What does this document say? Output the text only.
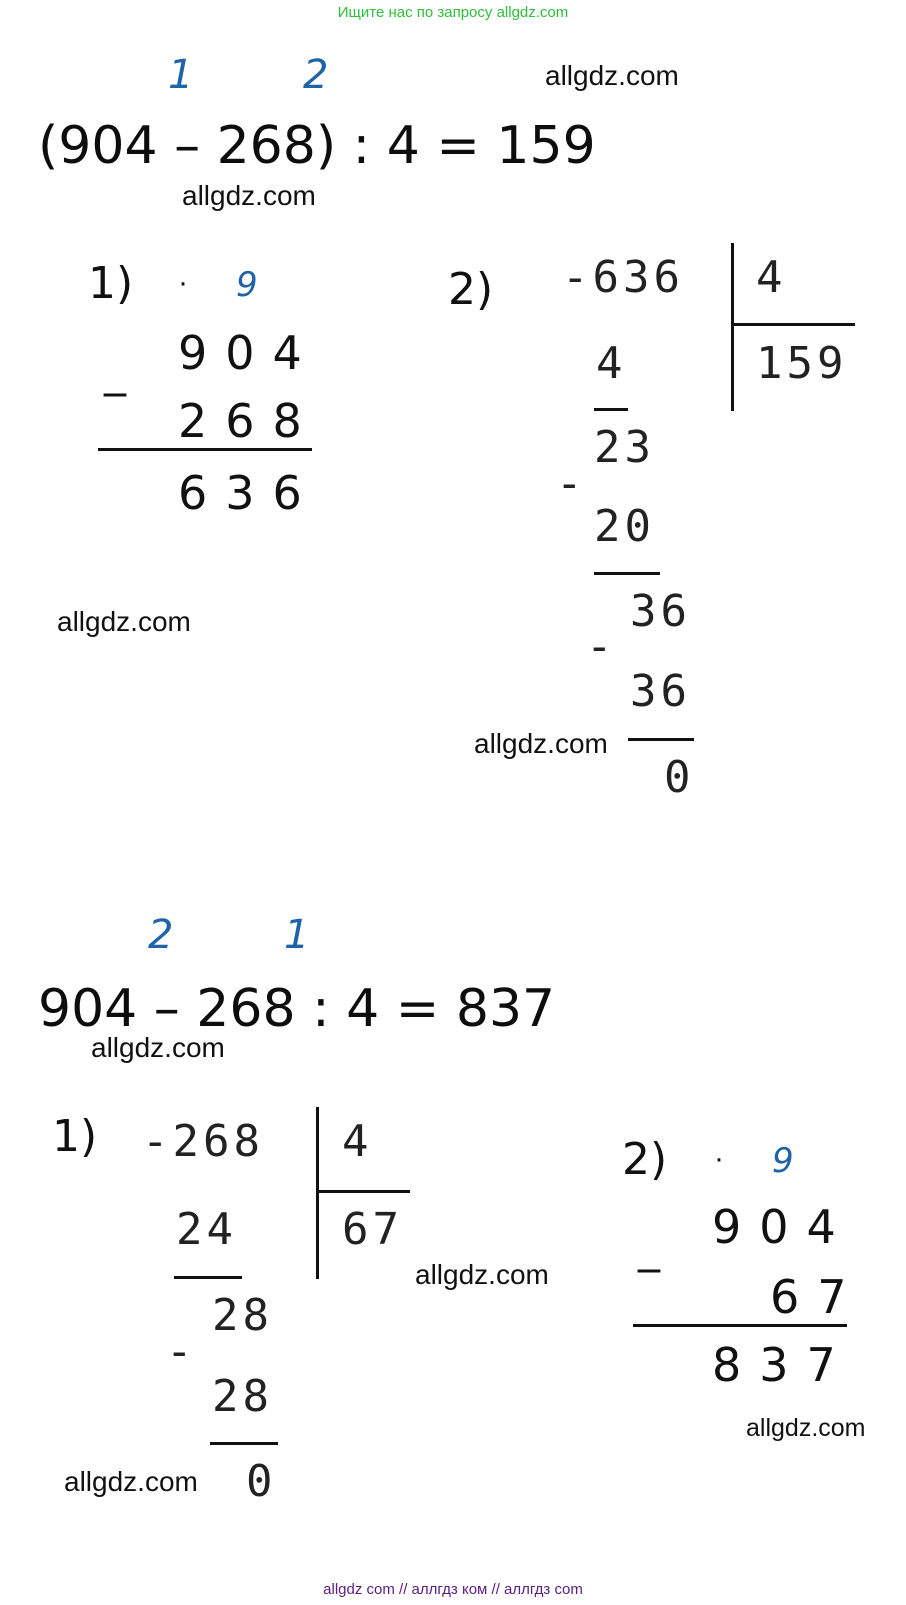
Ищите нас по запросу allgdz.com
1	2	allgdz.com
(904 – 268) : 4 = 159
allgdz.com
1) · 9
904
_
268
636
allgdz.com
2) -636 4
159
4
23
-
20
36
-
36
0
allgdz.com
2	1
904 – 268 : 4 = 837
allgdz.com
1) -268 4
67
24
28
-
28
0
allgdz.com
allgdz.com
2) · 9
904
_
67
837
allgdz.com
allgdz com // аллгдз ком // аллгдз com
